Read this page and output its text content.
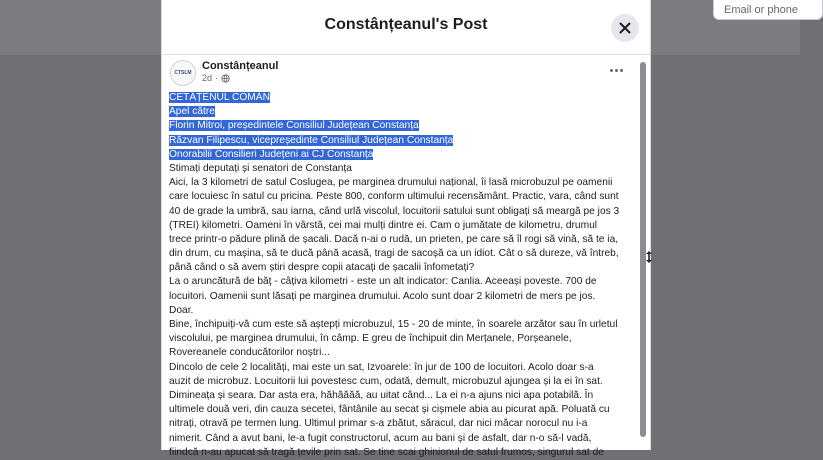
Email or phone
Constânțeanul's Post
CTSLM
Constânțeanul
2d ·
CETĂȚENUL COMAN
Apel către
Florin Mitroi, președintele Consiliul Județean Constanța
Răzvan Filipescu, vicepreședinte Consiliul Județean Constanța
Onorabilii Consilieri Județeni ai CJ Constanța
Stimați deputați și senatori de Constanța
Aici, la 3 kilometri de satul Coslugea, pe marginea drumului național, îi lasă microbuzul pe oamenii
care locuiesc în satul cu pricina. Peste 800, conform ultimului recensământ. Practic, vara, când sunt
40 de grade la umbră, sau iarna, când urlă viscolul, locuitorii satului sunt obligați să meargă pe jos 3
(TREI) kilometri. Oameni în vârstă, cei mai mulți dintre ei. Cam o jumătate de kilometru, drumul
trece printr-o pădure plină de șacali. Dacă n-ai o rudă, un prieten, pe care să îl rogi să vină, să te ia,
din drum, cu mașina, să te ducă până acasă, tragi de sacoșă ca un idiot. Cât o să dureze, vă întreb,
până când o să avem știri despre copii atacați de șacalii înfometați?
La o aruncătură de băț - câțiva kilometri - este un alt indicator: Canlia. Aceeași poveste. 700 de
locuitori. Oamenii sunt lăsați pe marginea drumului. Acolo sunt doar 2 kilometri de mers pe jos.
Doar.
Bine, închipuiți-vă cum este să aștepți microbuzul, 15 - 20 de minte, în soarele arzător sau în urletul
viscolului, pe marginea drumului, în câmp. E greu de închipuit din Merțanele, Porșeanele,
Rovereanele conducătorilor noștri...
Dincolo de cele 2 localități, mai este un sat, Izvoarele: în jur de 100 de locuitori. Acolo doar s-a
auzit de microbuz. Locuitorii lui povestesc cum, odată, demult, microbuzul ajungea și la ei în sat.
Dimineața și seara. Dar asta era, hăhăăăă, au uitat când... La ei n-a ajuns nici apa potabilă. În
ultimele două veri, din cauza secetei, fântânile au secat și cișmele abia au picurat apă. Poluată cu
nitrați, otravă pe termen lung. Ultimul primar s-a zbătut, săracul, dar nici măcar norocul nu i-a
nimerit. Când a avut bani, le-a fugit constructorul, acum au bani și de asfalt, dar n-o să-l vadă,
fiindcă n-au apucat să tragă țevile prin sat. Se tine scai ghinionul de satul frumos, singurul sat de
